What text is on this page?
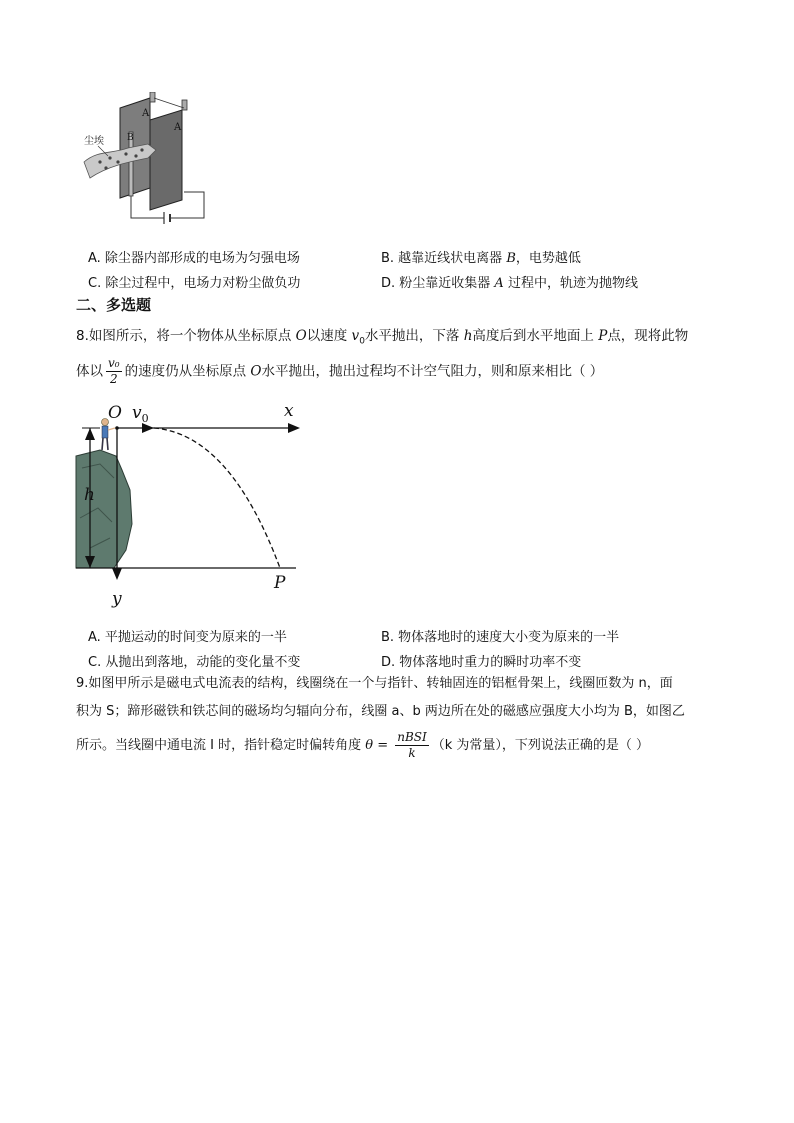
尘埃
A
A
B
A. 除尘器内部形成的电场为匀强电场	B. 越靠近线状电离器 B，电势越低
C. 除尘过程中，电场力对粉尘做负功	D. 粉尘靠近收集器 A 过程中，轨迹为抛物线
二、多选题
8.如图所示，将一个物体从坐标原点 O以速度 $v_0$水平抛出，下落 h高度后到水平地面上 P点，现将此物
体以 $\frac{\text{v₀}}{2}$ 的速度仍从坐标原点 O水平抛出，抛出过程均不计空气阻力，则和原来相比（ ）
O $v_0$	x
h
y
P
A. 平抛运动的时间变为原来的一半	B. 物体落地时的速度大小变为原来的一半
C. 从抛出到落地，动能的变化量不变	D. 物体落地时重力的瞬时功率不变
9.如图甲所示是磁电式电流表的结构，线圈绕在一个与指针、转轴固连的铝框骨架上，线圈匝数为 n，面
积为 S；蹄形磁铁和铁芯间的磁场均匀辐向分布，线圈 a、b 两边所在处的磁感应强度大小均为 B，如图乙
所示。当线圈中通电流 I 时，指针稳定时偏转角度 $\theta = \frac{\text{nBSI}}{k} (k$ 为常量），下列说法正确的是（ ）
